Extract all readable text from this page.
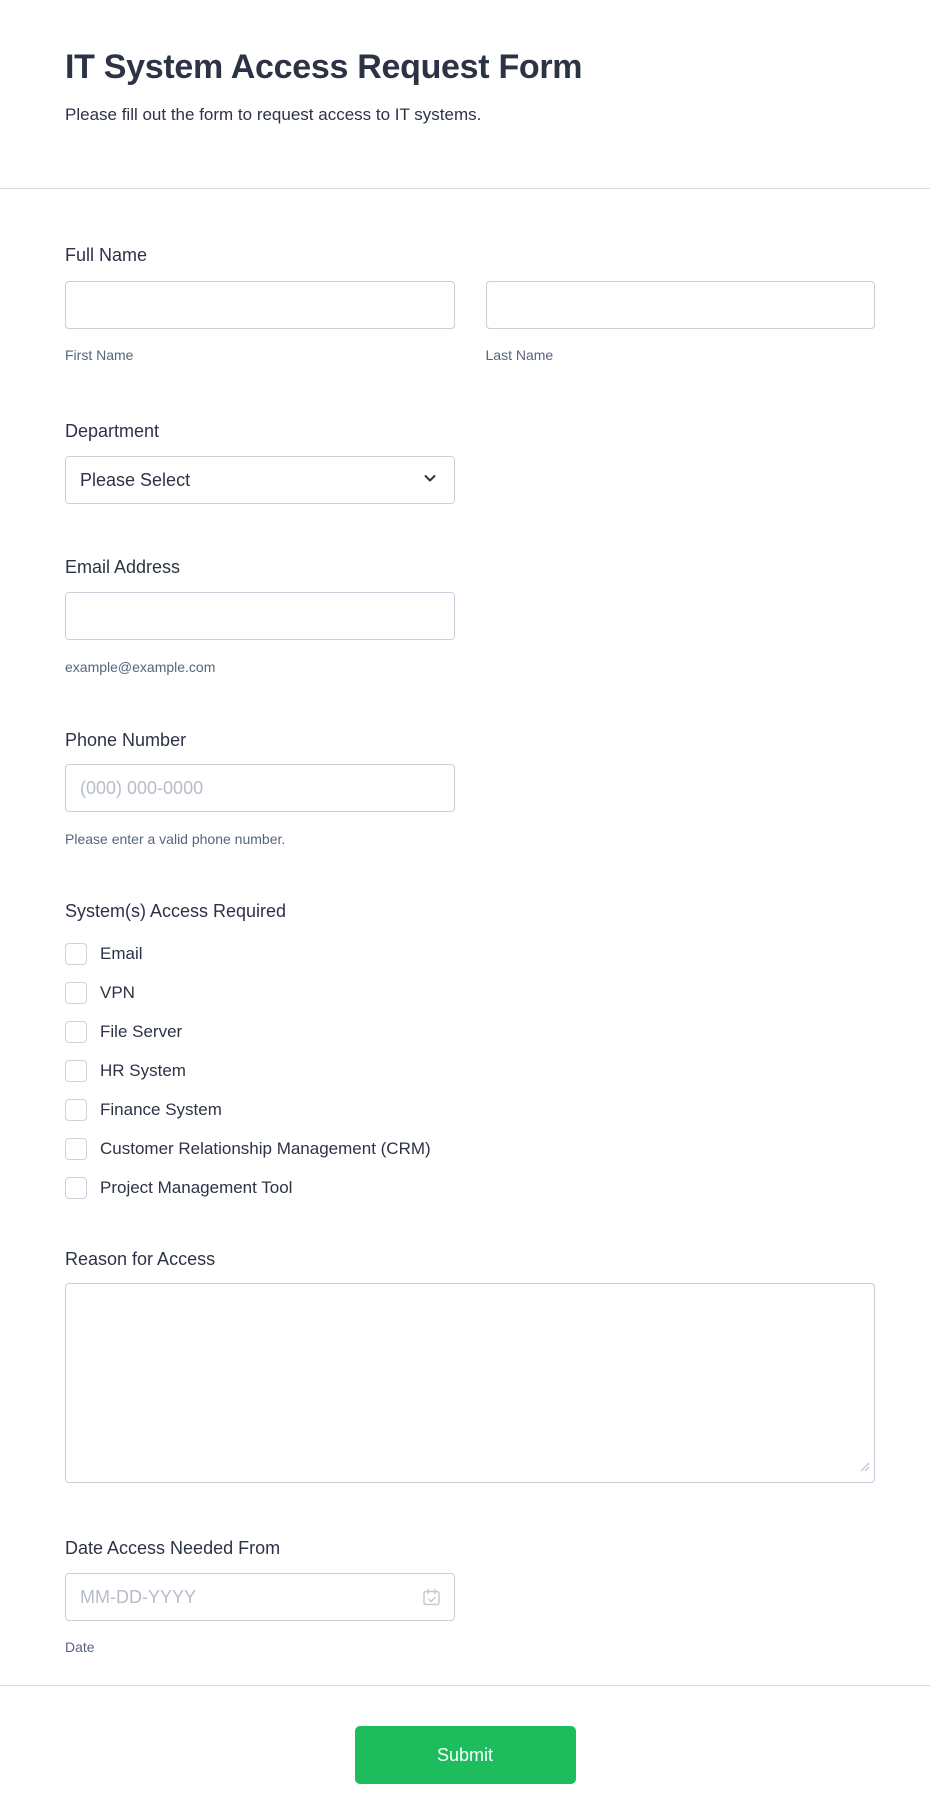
IT System Access Request Form
Please fill out the form to request access to IT systems.
Full Name
First Name	Last Name
Department
Please Select
Email Address
example@example.com
Phone Number
(000) 000-0000
Please enter a valid phone number.
System(s) Access Required
Email
VPN
File Server
HR System
Finance System
Customer Relationship Management (CRM)
Project Management Tool
Reason for Access
Date Access Needed From
MM-DD-YYYY
Date
Submit
